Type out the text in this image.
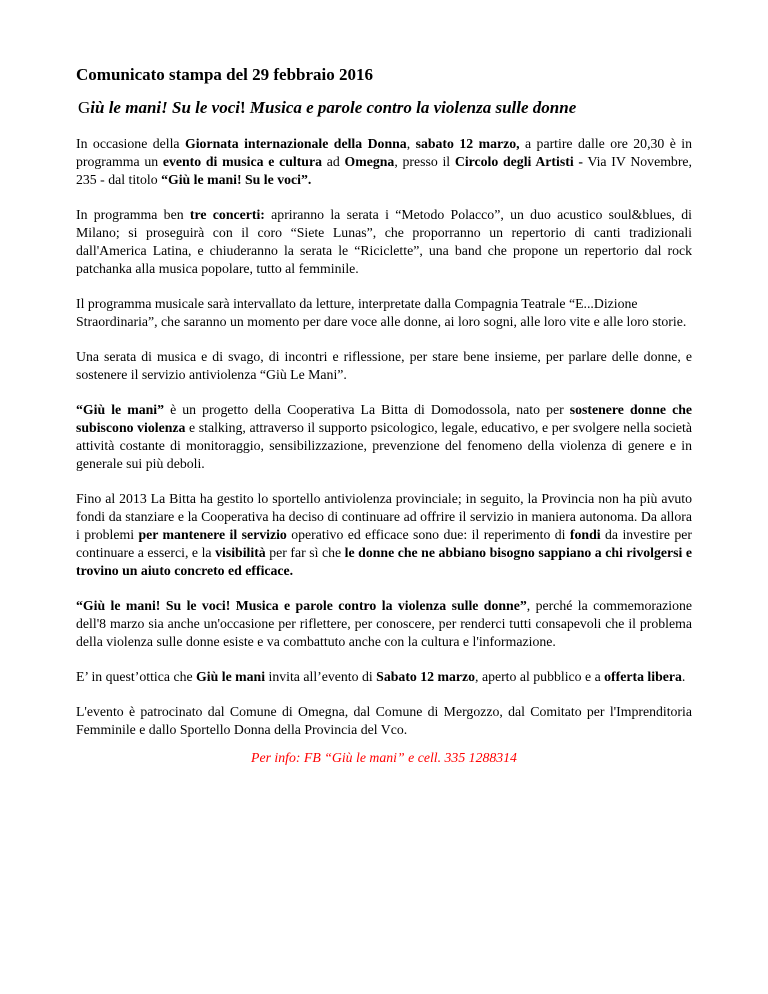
Comunicato stampa del 29 febbraio 2016
Giù le mani! Su le voci! Musica e parole contro la violenza sulle donne

In occasione della Giornata internazionale della Donna, sabato 12 marzo, a partire dalle ore 20,30 è in programma un evento di musica e cultura ad Omegna, presso il Circolo degli Artisti - Via IV Novembre, 235 - dal titolo “Giù le mani! Su le voci”.

In programma ben tre concerti: apriranno la serata i “Metodo Polacco”, un duo acustico soul&blues, di Milano; si proseguirà con il coro “Siete Lunas”, che proporranno un repertorio di canti tradizionali dall'America Latina, e chiuderanno la serata le “Riciclette”, una band che propone un repertorio dal rock patchanka alla musica popolare, tutto al femminile.

Il programma musicale sarà intervallato da letture, interpretate dalla Compagnia Teatrale “E...Dizione Straordinaria”, che saranno un momento per dare voce alle donne, ai loro sogni, alle loro vite e alle loro storie.

Una serata di musica e di svago, di incontri e riflessione, per stare bene insieme, per parlare delle donne, e sostenere il servizio antiviolenza “Giù Le Mani”.

“Giù le mani” è un progetto della Cooperativa La Bitta di Domodossola, nato per sostenere donne che subiscono violenza e stalking, attraverso il supporto psicologico, legale, educativo, e per svolgere nella società attività costante di monitoraggio, sensibilizzazione, prevenzione del fenomeno della violenza di genere e in generale sui più deboli.

Fino al 2013 La Bitta ha gestito lo sportello antiviolenza provinciale; in seguito, la Provincia non ha più avuto fondi da stanziare e la Cooperativa ha deciso di continuare ad offrire il servizio in maniera autonoma. Da allora i problemi per mantenere il servizio operativo ed efficace sono due: il reperimento di fondi da investire per continuare a esserci, e la visibilità per far sì che le donne che ne abbiano bisogno sappiano a chi rivolgersi e trovino un aiuto concreto ed efficace.

“Giù le mani! Su le voci! Musica e parole contro la violenza sulle donne”, perché la commemorazione dell'8 marzo sia anche un'occasione per riflettere, per conoscere, per renderci tutti consapevoli che il problema della violenza sulle donne esiste e va combattuto anche con la cultura e l'informazione.

E’ in quest’ottica che Giù le mani invita all’evento di Sabato 12 marzo, aperto al pubblico e a offerta libera.

L'evento è patrocinato dal Comune di Omegna, dal Comune di Mergozzo, dal Comitato per l'Imprenditoria Femminile e dallo Sportello Donna della Provincia del Vco.

Per info: FB “Giù le mani” e cell. 335 1288314
